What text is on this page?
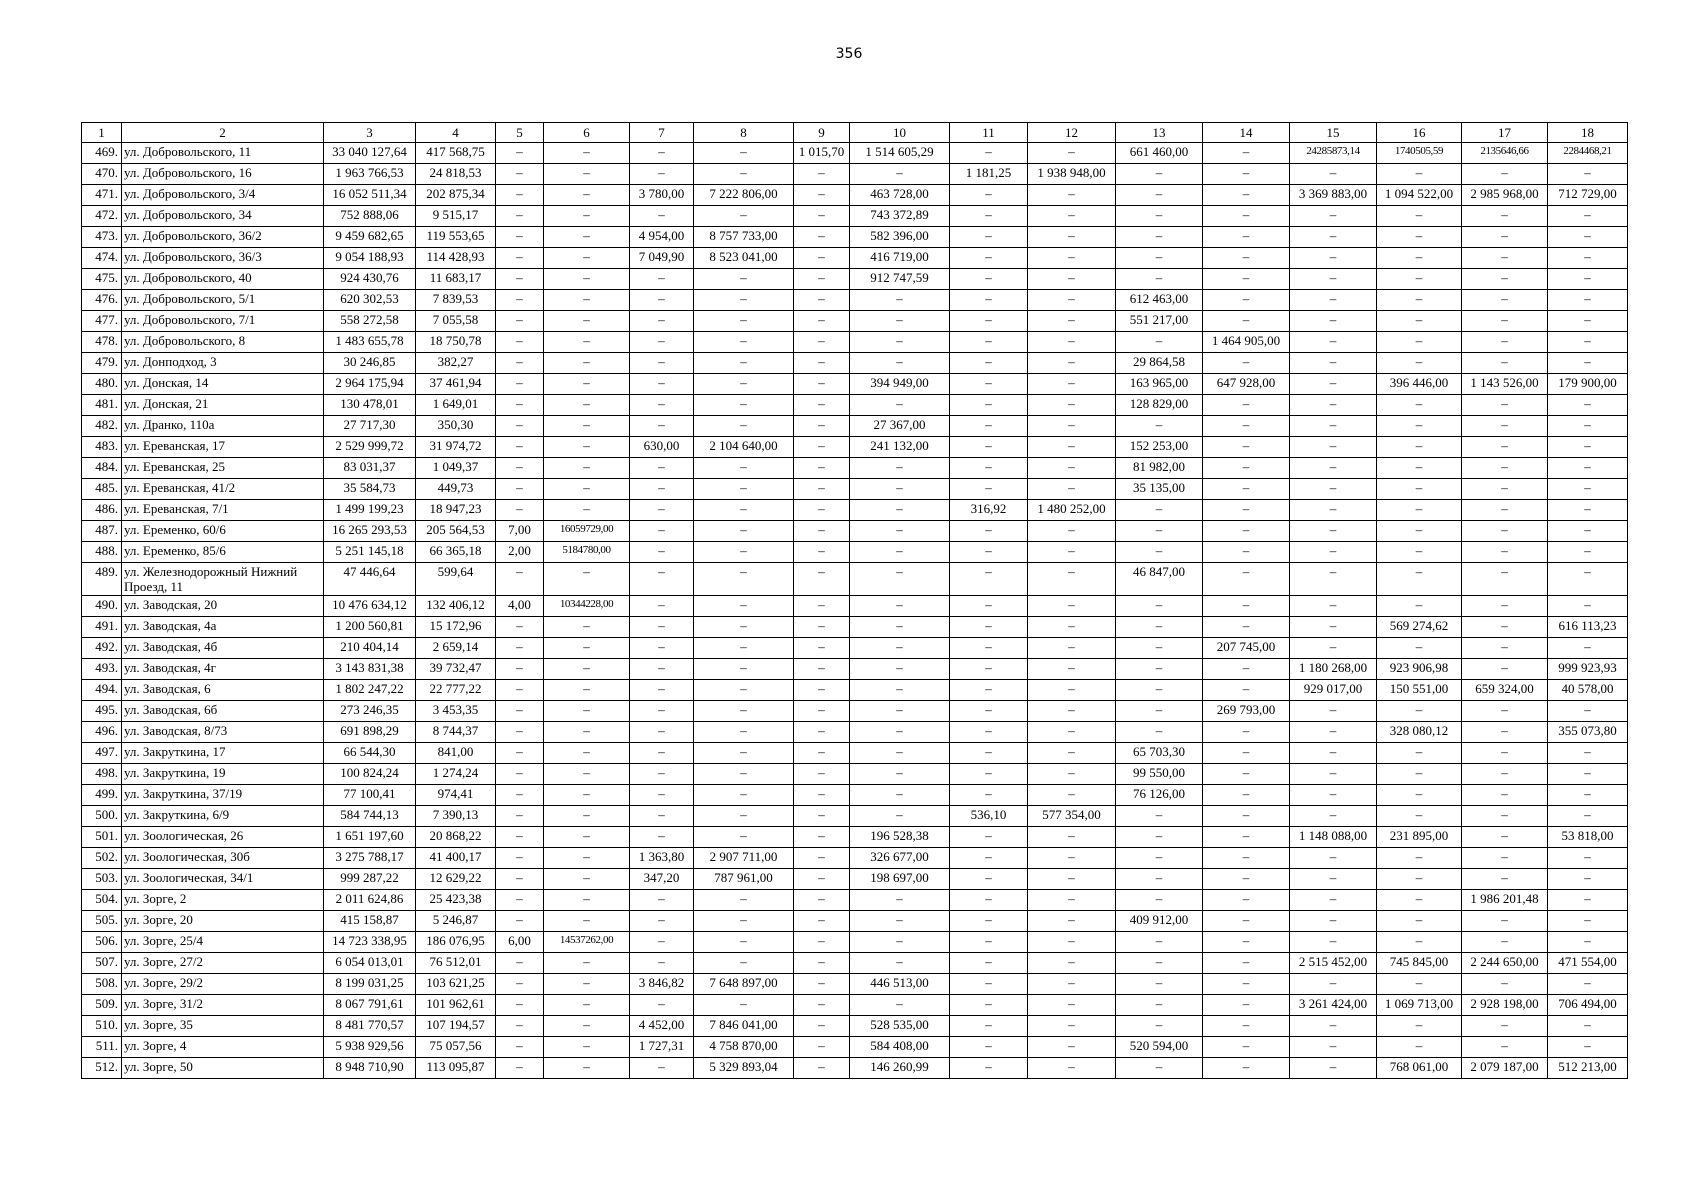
356
1	2	3	4	5	6	7	8	9	10	11	12	13	14	15	16	17	18
469.	ул. Добровольского, 11	33 040 127,64	417 568,75	–	–	–	–	1 015,70	1 514 605,29	–	–	661 460,00	–	24285873,14	1740505,59	2135646,66	2284468,21
470.	ул. Добровольского, 16	1 963 766,53	24 818,53	–	–	–	–	–	–	1 181,25	1 938 948,00	–	–	–	–	–	–
471.	ул. Добровольского, 3/4	16 052 511,34	202 875,34	–	–	3 780,00	7 222 806,00	–	463 728,00	–	–	–	–	3 369 883,00	1 094 522,00	2 985 968,00	712 729,00
472.	ул. Добровольского, 34	752 888,06	9 515,17	–	–	–	–	–	743 372,89	–	–	–	–	–	–	–	–
473.	ул. Добровольского, 36/2	9 459 682,65	119 553,65	–	–	4 954,00	8 757 733,00	–	582 396,00	–	–	–	–	–	–	–	–
474.	ул. Добровольского, 36/3	9 054 188,93	114 428,93	–	–	7 049,90	8 523 041,00	–	416 719,00	–	–	–	–	–	–	–	–
475.	ул. Добровольского, 40	924 430,76	11 683,17	–	–	–	–	–	912 747,59	–	–	–	–	–	–	–	–
476.	ул. Добровольского, 5/1	620 302,53	7 839,53	–	–	–	–	–	–	–	–	612 463,00	–	–	–	–	–
477.	ул. Добровольского, 7/1	558 272,58	7 055,58	–	–	–	–	–	–	–	–	551 217,00	–	–	–	–	–
478.	ул. Добровольского, 8	1 483 655,78	18 750,78	–	–	–	–	–	–	–	–	–	1 464 905,00	–	–	–	–
479.	ул. Донподход, 3	30 246,85	382,27	–	–	–	–	–	–	–	–	29 864,58	–	–	–	–	–
480.	ул. Донская, 14	2 964 175,94	37 461,94	–	–	–	–	–	394 949,00	–	–	163 965,00	647 928,00	–	396 446,00	1 143 526,00	179 900,00
481.	ул. Донская, 21	130 478,01	1 649,01	–	–	–	–	–	–	–	–	128 829,00	–	–	–	–	–
482.	ул. Дранко, 110а	27 717,30	350,30	–	–	–	–	–	27 367,00	–	–	–	–	–	–	–	–
483.	ул. Ереванская, 17	2 529 999,72	31 974,72	–	–	630,00	2 104 640,00	–	241 132,00	–	–	152 253,00	–	–	–	–	–
484.	ул. Ереванская, 25	83 031,37	1 049,37	–	–	–	–	–	–	–	–	81 982,00	–	–	–	–	–
485.	ул. Ереванская, 41/2	35 584,73	449,73	–	–	–	–	–	–	–	–	35 135,00	–	–	–	–	–
486.	ул. Ереванская, 7/1	1 499 199,23	18 947,23	–	–	–	–	–	–	316,92	1 480 252,00	–	–	–	–	–	–
487.	ул. Еременко, 60/6	16 265 293,53	205 564,53	7,00	16059729,00	–	–	–	–	–	–	–	–	–	–	–	–
488.	ул. Еременко, 85/6	5 251 145,18	66 365,18	2,00	5184780,00	–	–	–	–	–	–	–	–	–	–	–	–
489.	ул. Железнодорожный Нижний Проезд, 11	47 446,64	599,64	–	–	–	–	–	–	–	–	46 847,00	–	–	–	–	–
490.	ул. Заводская, 20	10 476 634,12	132 406,12	4,00	10344228,00	–	–	–	–	–	–	–	–	–	–	–	–
491.	ул. Заводская, 4а	1 200 560,81	15 172,96	–	–	–	–	–	–	–	–	–	–	–	569 274,62	–	616 113,23
492.	ул. Заводская, 4б	210 404,14	2 659,14	–	–	–	–	–	–	–	–	–	207 745,00	–	–	–	–
493.	ул. Заводская, 4г	3 143 831,38	39 732,47	–	–	–	–	–	–	–	–	–	–	1 180 268,00	923 906,98	–	999 923,93
494.	ул. Заводская, 6	1 802 247,22	22 777,22	–	–	–	–	–	–	–	–	–	–	929 017,00	150 551,00	659 324,00	40 578,00
495.	ул. Заводская, 6б	273 246,35	3 453,35	–	–	–	–	–	–	–	–	–	269 793,00	–	–	–	–
496.	ул. Заводская, 8/73	691 898,29	8 744,37	–	–	–	–	–	–	–	–	–	–	–	328 080,12	–	355 073,80
497.	ул. Закруткина, 17	66 544,30	841,00	–	–	–	–	–	–	–	–	65 703,30	–	–	–	–	–
498.	ул. Закруткина, 19	100 824,24	1 274,24	–	–	–	–	–	–	–	–	99 550,00	–	–	–	–	–
499.	ул. Закруткина, 37/19	77 100,41	974,41	–	–	–	–	–	–	–	–	76 126,00	–	–	–	–	–
500.	ул. Закруткина, 6/9	584 744,13	7 390,13	–	–	–	–	–	–	536,10	577 354,00	–	–	–	–	–	–
501.	ул. Зоологическая, 26	1 651 197,60	20 868,22	–	–	–	–	–	196 528,38	–	–	–	–	1 148 088,00	231 895,00	–	53 818,00
502.	ул. Зоологическая, 30б	3 275 788,17	41 400,17	–	–	1 363,80	2 907 711,00	–	326 677,00	–	–	–	–	–	–	–	–
503.	ул. Зоологическая, 34/1	999 287,22	12 629,22	–	–	347,20	787 961,00	–	198 697,00	–	–	–	–	–	–	–	–
504.	ул. Зорге, 2	2 011 624,86	25 423,38	–	–	–	–	–	–	–	–	–	–	–	–	1 986 201,48	–
505.	ул. Зорге, 20	415 158,87	5 246,87	–	–	–	–	–	–	–	–	409 912,00	–	–	–	–	–
506.	ул. Зорге, 25/4	14 723 338,95	186 076,95	6,00	14537262,00	–	–	–	–	–	–	–	–	–	–	–	–
507.	ул. Зорге, 27/2	6 054 013,01	76 512,01	–	–	–	–	–	–	–	–	–	–	2 515 452,00	745 845,00	2 244 650,00	471 554,00
508.	ул. Зорге, 29/2	8 199 031,25	103 621,25	–	–	3 846,82	7 648 897,00	–	446 513,00	–	–	–	–	–	–	–	–
509.	ул. Зорге, 31/2	8 067 791,61	101 962,61	–	–	–	–	–	–	–	–	–	–	3 261 424,00	1 069 713,00	2 928 198,00	706 494,00
510.	ул. Зорге, 35	8 481 770,57	107 194,57	–	–	4 452,00	7 846 041,00	–	528 535,00	–	–	–	–	–	–	–	–
511.	ул. Зорге, 4	5 938 929,56	75 057,56	–	–	1 727,31	4 758 870,00	–	584 408,00	–	–	520 594,00	–	–	–	–	–
512.	ул. Зорге, 50	8 948 710,90	113 095,87	–	–	–	5 329 893,04	–	146 260,99	–	–	–	–	–	768 061,00	2 079 187,00	512 213,00
